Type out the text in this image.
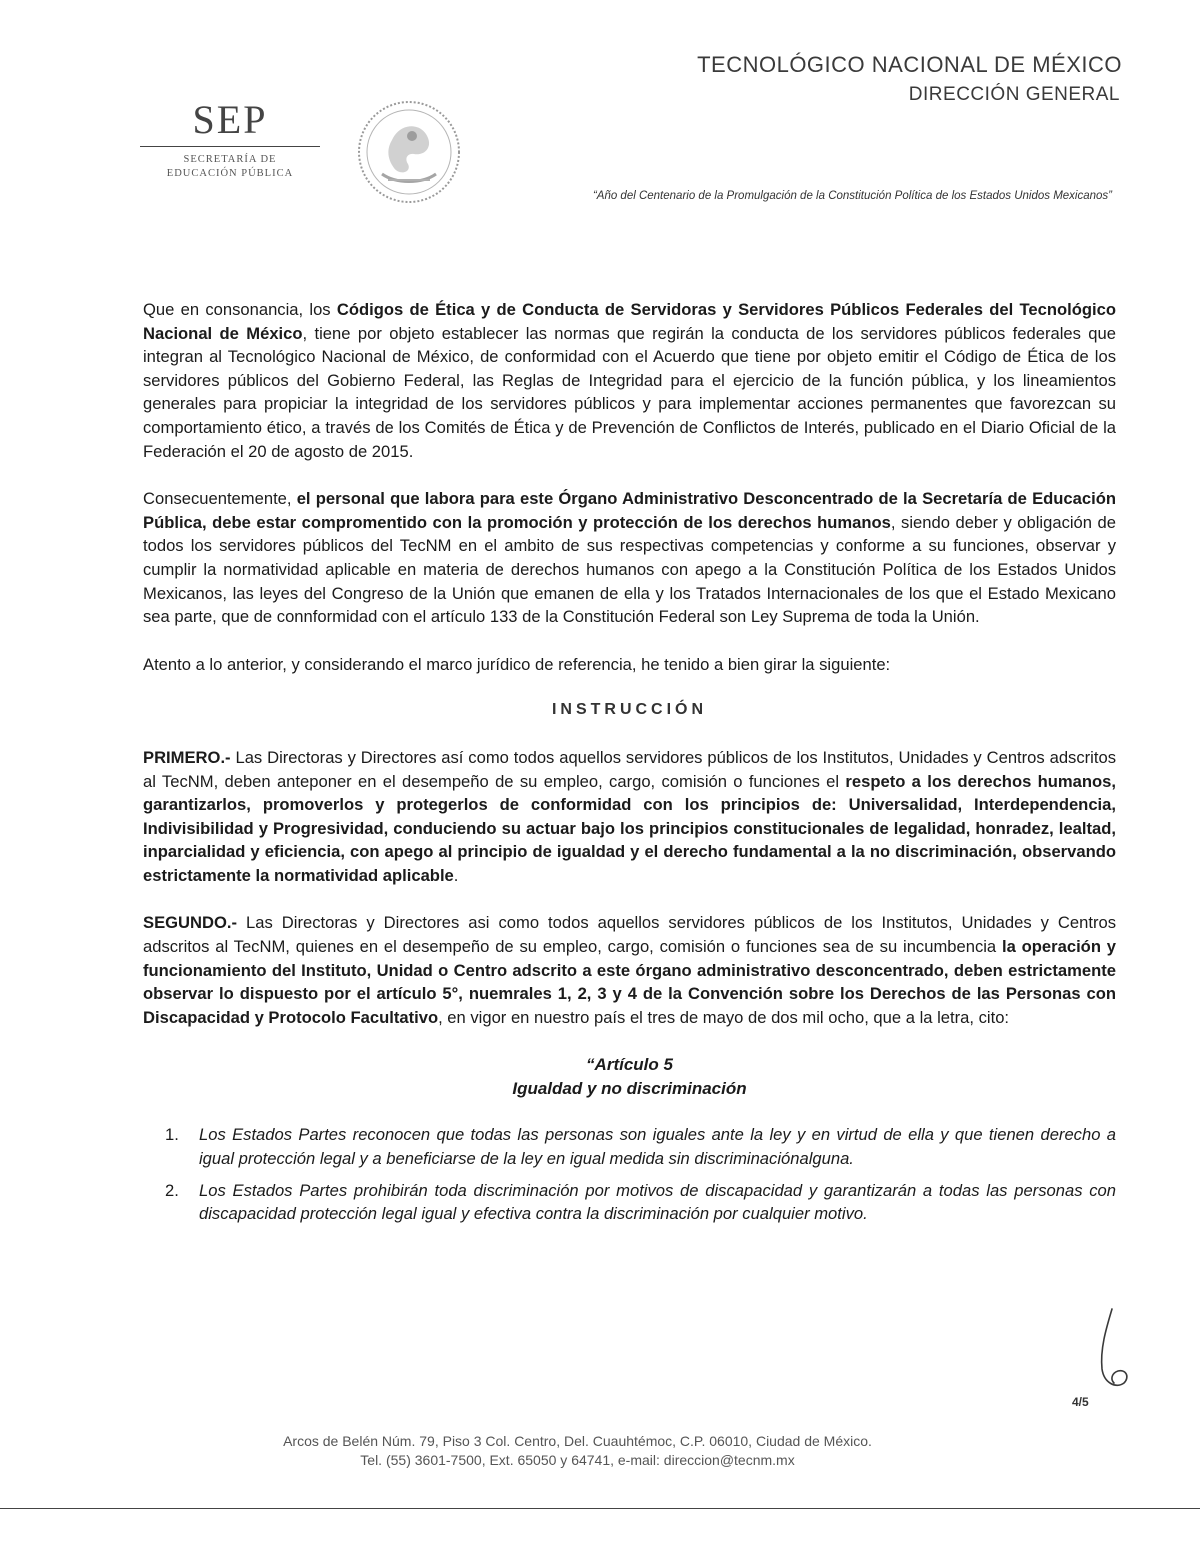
SEP
SECRETARÍA DE
EDUCACIÓN PÚBLICA
TECNOLÓGICO NACIONAL DE MÉXICO
DIRECCIÓN GENERAL
“Año del Centenario de la Promulgación de la Constitución Política de los Estados Unidos Mexicanos”

Que en consonancia, los Códigos de Ética y de Conducta de Servidoras y Servidores Públicos Federales del Tecnológico Nacional de México, tiene por objeto establecer las normas que regirán la conducta de los servidores públicos federales que integran al Tecnológico Nacional de México, de conformidad con el Acuerdo que tiene por objeto emitir el Código de Ética de los servidores públicos del Gobierno Federal, las Reglas de Integridad para el ejercicio de la función pública, y los lineamientos generales para propiciar la integridad de los servidores públicos y para implementar acciones permanentes que favorezcan su comportamiento ético, a través de los Comités de Ética y de Prevención de Conflictos de Interés, publicado en el Diario Oficial de la Federación el 20 de agosto de 2015.

Consecuentemente, el personal que labora para este Órgano Administrativo Desconcentrado de la Secretaría de Educación Pública, debe estar compromentido con la promoción y protección de los derechos humanos, siendo deber y obligación de todos los servidores públicos del TecNM en el ambito de sus respectivas competencias y conforme a su funciones, observar y cumplir la normatividad aplicable en materia de derechos humanos con apego a la Constitución Política de los Estados Unidos Mexicanos, las leyes del Congreso de la Unión que emanen de ella y los Tratados Internacionales de los que el Estado Mexicano sea parte, que de connformidad con el artículo 133 de la Constitución Federal son Ley Suprema de toda la Unión.

Atento a lo anterior, y considerando el marco jurídico de referencia, he tenido a bien girar la siguiente:

INSTRUCCIÓN

PRIMERO.- Las Directoras y Directores así como todos aquellos servidores públicos de los Institutos, Unidades y Centros adscritos al TecNM, deben anteponer en el desempeño de su empleo, cargo, comisión o funciones el respeto a los derechos humanos, garantizarlos, promoverlos y protegerlos de conformidad con los principios de: Universalidad, Interdependencia, Indivisibilidad y Progresividad, conduciendo su actuar bajo los principios constitucionales de legalidad, honradez, lealtad, inparcialidad y eficiencia, con apego al principio de igualdad y el derecho fundamental a la no discriminación, observando estrictamente la normatividad aplicable.

SEGUNDO.- Las Directoras y Directores asi como todos aquellos servidores públicos de los Institutos, Unidades y Centros adscritos al TecNM, quienes en el desempeño de su empleo, cargo, comisión o funciones sea de su incumbencia la operación y funcionamiento del Instituto, Unidad o Centro adscrito a este órgano administrativo desconcentrado, deben estrictamente observar lo dispuesto por el artículo 5°, nuemrales 1, 2, 3 y 4 de la Convención sobre los Derechos de las Personas con Discapacidad y Protocolo Facultativo, en vigor en nuestro país el tres de mayo de dos mil ocho, que a la letra, cito:

“Artículo 5
Igualdad y no discriminación
1. Los Estados Partes reconocen que todas las personas son iguales ante la ley y en virtud de ella y que tienen derecho a igual protección legal y a beneficiarse de la ley en igual medida sin discriminaciónalguna.
2. Los Estados Partes prohibirán toda discriminación por motivos de discapacidad y garantizarán a todas las personas con discapacidad protección legal igual y efectiva contra la discriminación por cualquier motivo.
4/5
Arcos de Belén Núm. 79, Piso 3 Col. Centro, Del. Cuauhtémoc, C.P. 06010, Ciudad de México.
Tel. (55) 3601-7500, Ext. 65050 y 64741, e-mail: direccion@tecnm.mx
